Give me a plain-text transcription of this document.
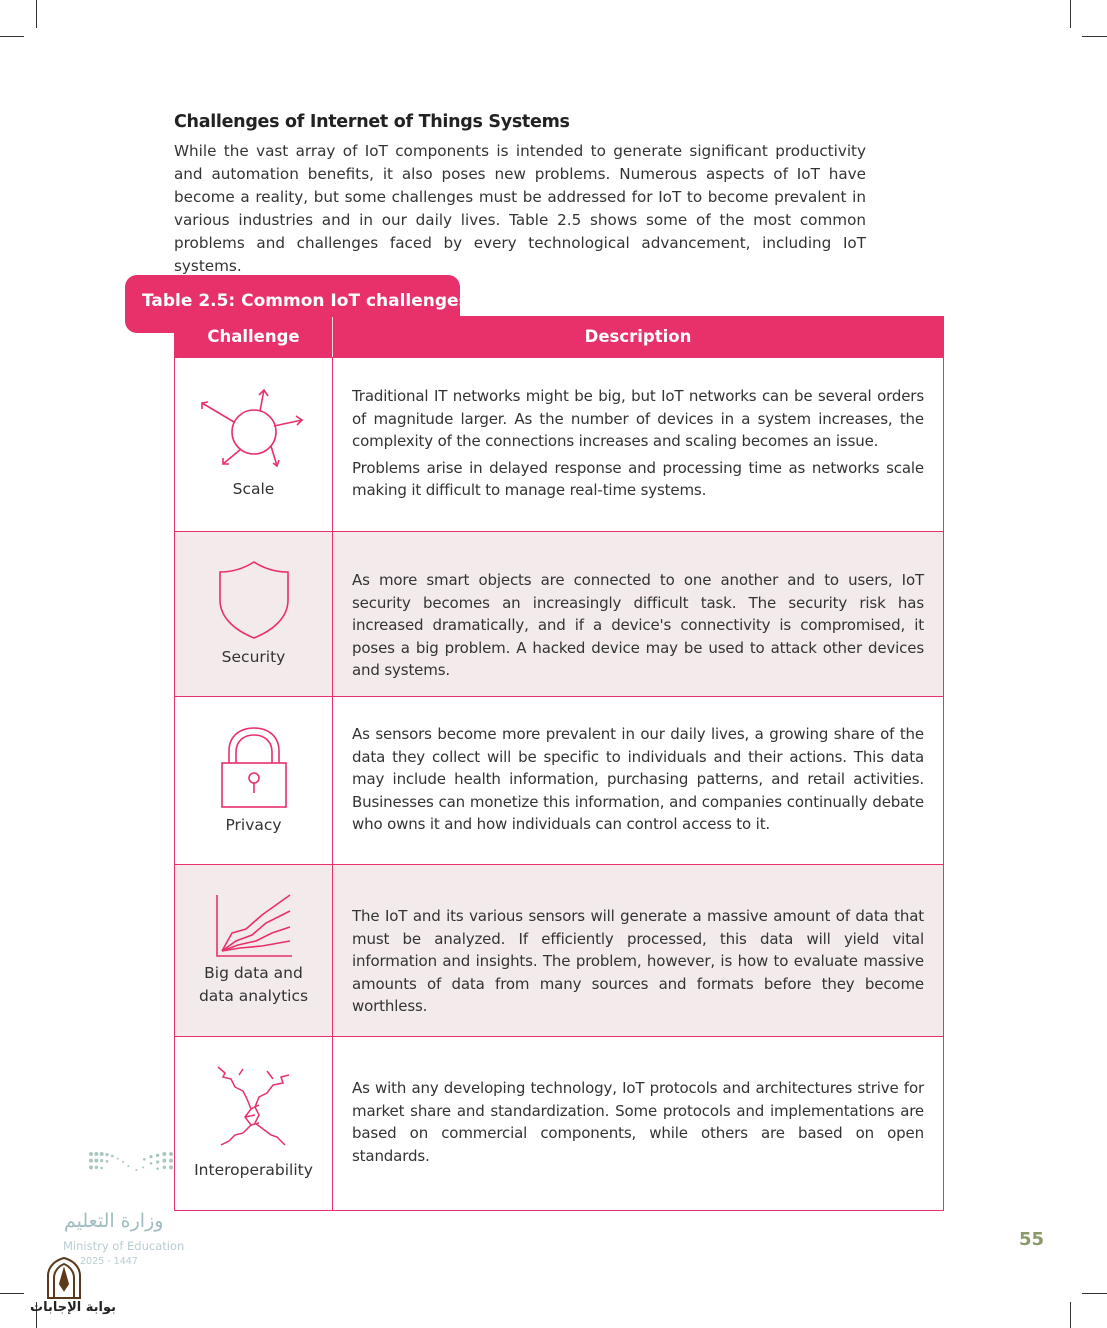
Challenges of Internet of Things Systems

While the vast array of IoT components is intended to generate significant productivity and automation benefits, it also poses new problems. Numerous aspects of IoT have become a reality, but some challenges must be addressed for IoT to become prevalent in various industries and in our daily lives. Table 2.5 shows some of the most common problems and challenges faced by every technological advancement, including IoT systems.

Table 2.5: Common IoT challenges
Challenge	Description
Scale

Traditional IT networks might be big, but IoT networks can be several orders of magnitude larger. As the number of devices in a system increases, the complexity of the connections increases and scaling becomes an issue.

Problems arise in delayed response and processing time as networks scale making it difficult to manage real-time systems.

Security

As more smart objects are connected to one another and to users, IoT security becomes an increasingly difficult task. The security risk has increased dramatically, and if a device's connectivity is compromised, it poses a big problem. A hacked device may be used to attack other devices and systems.

Privacy

As sensors become more prevalent in our daily lives, a growing share of the data they collect will be specific to individuals and their actions. This data may include health information, purchasing patterns, and retail activities. Businesses can monetize this information, and companies continually debate who owns it and how individuals can control access to it.

Big data and
data analytics

The IoT and its various sensors will generate a massive amount of data that must be analyzed. If efficiently processed, this data will yield vital information and insights. The problem, however, is how to evaluate massive amounts of data from many sources and formats before they become worthless.

Interoperability

As with any developing technology, IoT protocols and architectures strive for market share and standardization. Some protocols and implementations are based on commercial components, while others are based on open standards.

وزارة التعليم
Ministry of Education
2025 - 1447
بوابة الإجابات
55
